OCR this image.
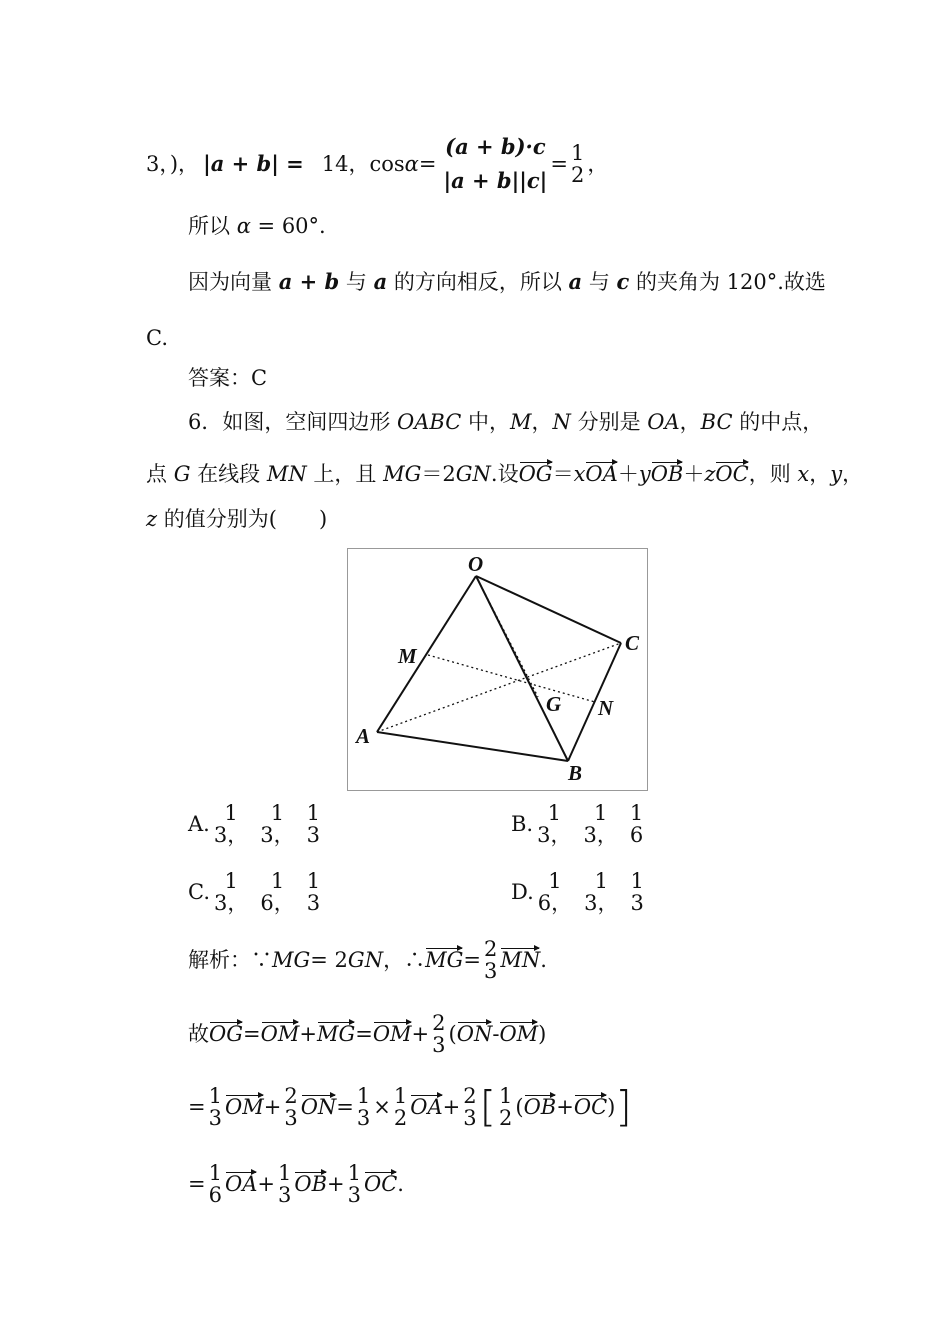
3，)， |a + b| = 14，cos α =
(a + b)·c
|a + b||c|
= 1
2 ，
所以 α = 60°.
因为向量 a + b 与 a 的方向相反，所以 a 与 c 的夹角为 120°.故选
C.
答案：C
6．如图，空间四边形 OABC 中，M，N 分别是 OA，BC 的中点，
点 G 在线段 MN 上，且 MG＝2GN.设OG＝xOA＋yOB＋zOC，则 x，y，
z 的值分别为(　　)
O
A
B
C
M
N
G
A. 1
3，
1
3，
1
3	B. 1
3，
1
3，
1
6
C. 1
3，
1
6，
1
3	D. 1
6，
1
3，
1
3
解析：∵ MG = 2 GN ，∴ MG = 2
3 MN .
故 OG = OM + MG = OM + 2
3 ( ON - OM )
= 1
3 OM + 2
3 ON = 1
3 × 1
2 OA + 2
3 [ 1
2 ( OB + OC ) ]
= 1
6 OA + 1
3 OB + 1
3 OC .
